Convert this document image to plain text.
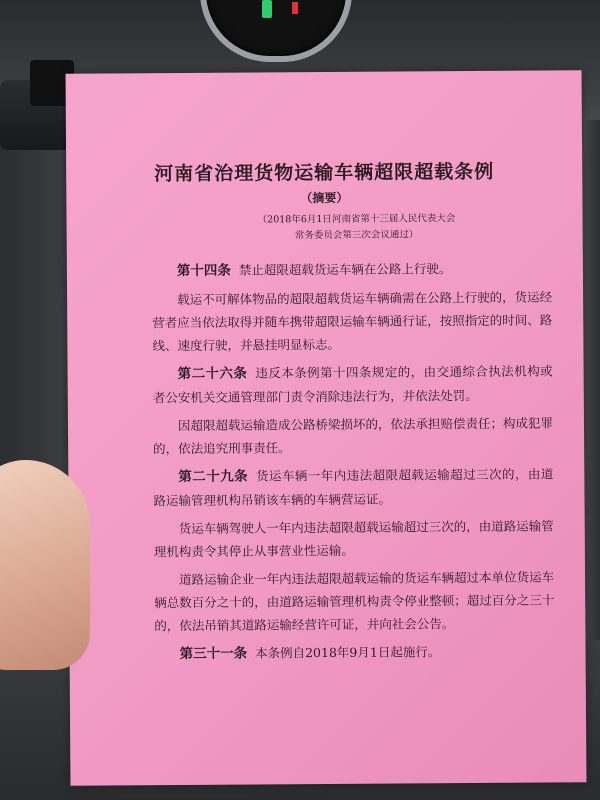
河南省治理货物运输车辆超限超载条例

（摘要）

（2018年6月1日河南省第十三届人民代表大会
常务委员会第三次会议通过）

第十四条 禁止超限超载货运车辆在公路上行驶。

载运不可解体物品的超限超载货运车辆确需在公路上行驶的，货运经营者应当依法取得并随车携带超限运输车辆通行证，按照指定的时间、路线、速度行驶，并悬挂明显标志。

第二十六条 违反本条例第十四条规定的，由交通综合执法机构或者公安机关交通管理部门责令消除违法行为，并依法处罚。

因超限超载运输造成公路桥梁损坏的，依法承担赔偿责任；构成犯罪的，依法追究刑事责任。

第二十九条 货运车辆一年内违法超限超载运输超过三次的，由道路运输管理机构吊销该车辆的车辆营运证。

货运车辆驾驶人一年内违法超限超载运输超过三次的，由道路运输管理机构责令其停止从事营业性运输。

道路运输企业一年内违法超限超载运输的货运车辆超过本单位货运车辆总数百分之十的，由道路运输管理机构责令停业整顿；超过百分之三十的，依法吊销其道路运输经营许可证，并向社会公告。

第三十一条 本条例自2018年9月1日起施行。
